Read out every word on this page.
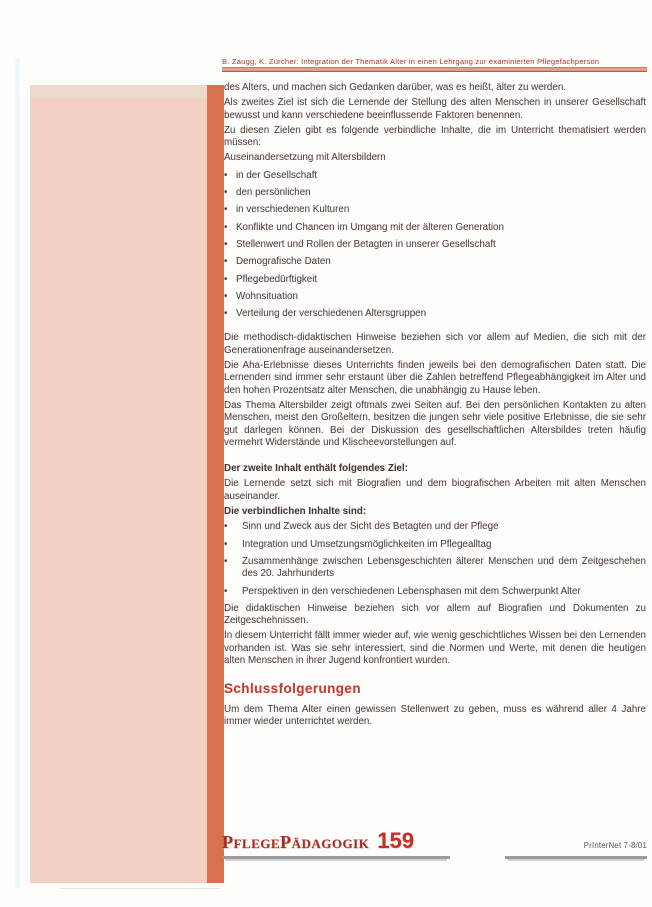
B. Zaugg, K. Zürcher: Integration der Thematik Alter in einen Lehrgang zur examinierten Pflegefachperson

des Alters, und machen sich Gedanken darüber, was es heißt, älter zu werden.

Als zweites Ziel ist sich die Lernende der Stellung des alten Menschen in unserer Gesellschaft bewusst und kann verschiedene beeinflussende Faktoren benennen.

Zu diesen Zielen gibt es folgende verbindliche Inhalte, die im Unterricht thematisiert werden müssen:

Auseinandersetzung mit Altersbildern

• in der Gesellschaft
• den persönlichen
• in verschiedenen Kulturen
• Konflikte und Chancen im Umgang mit der älteren Generation
• Stellenwert und Rollen der Betagten in unserer Gesellschaft
• Demografische Daten
• Pflegebedürftigkeit
• Wohnsituation
• Verteilung der verschiedenen Altersgruppen

Die methodisch-didaktischen Hinweise beziehen sich vor allem auf Medien, die sich mit der Generationenfrage auseinandersetzen.

Die Aha-Erlebnisse dieses Unterrichts finden jeweils bei den demografischen Daten statt. Die Lernenden sind immer sehr erstaunt über die Zahlen betreffend Pflegeabhängigkeit im Alter und den hohen Prozentsatz alter Menschen, die unabhängig zu Hause leben.

Das Thema Altersbilder zeigt oftmals zwei Seiten auf. Bei den persönlichen Kontakten zu alten Menschen, meist den Großeltern, besitzen die jungen sehr viele positive Erlebnisse, die sie sehr gut darlegen können. Bei der Diskussion des gesellschaftlichen Altersbildes treten häufig vermehrt Widerstände und Klischeevorstellungen auf.

Der zweite Inhalt enthält folgendes Ziel:

Die Lernende setzt sich mit Biografien und dem biografischen Arbeiten mit alten Menschen auseinander.

Die verbindlichen Inhalte sind:

•	Sinn und Zweck aus der Sicht des Betagten und der Pflege
•	Integration und Umsetzungsmöglichkeiten im Pflegealltag
•	Zusammenhänge zwischen Lebensgeschichten älterer Menschen und dem Zeitgeschehen des 20. Jahrhunderts
•	Perspektiven in den verschiedenen Lebensphasen mit dem Schwerpunkt Alter

Die didaktischen Hinweise beziehen sich vor allem auf Biografien und Dokumenten zu Zeitgeschehnissen.

In diesem Unterricht fällt immer wieder auf, wie wenig geschichtliches Wissen bei den Lernenden vorhanden ist. Was sie sehr interessiert, sind die Normen und Werte, mit denen die heutigen alten Menschen in ihrer Jugend konfrontiert wurden.

Schlussfolgerungen

Um dem Thema Alter einen gewissen Stellenwert zu geben, muss es während aller 4 Jahre immer wieder unterrichtet werden.

PflegePädagogik 159	PrInterNet 7-8/01
